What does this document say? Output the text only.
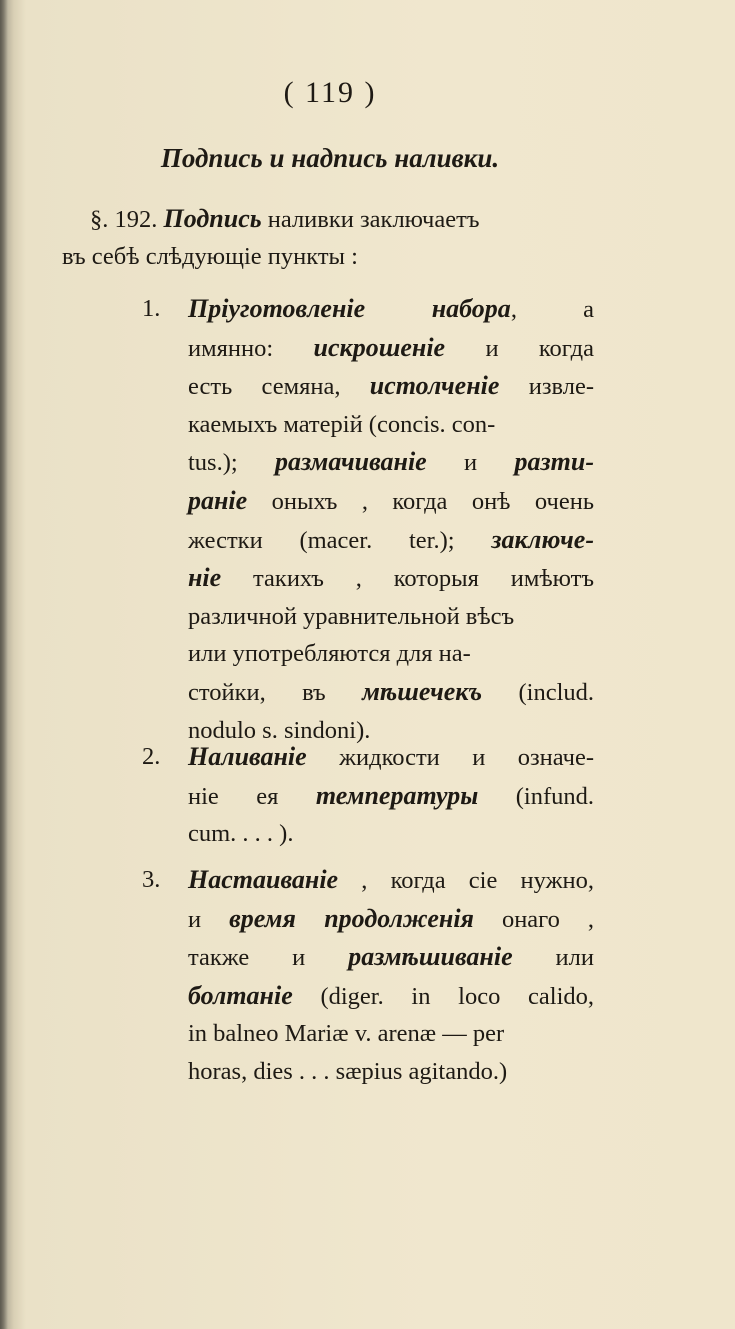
( 119 )
Подпись и надпись наливки.
§. 192. Подпись наливки заключаетъ
въ себѣ слѣдующіе пункты :
1.	Пріуготовленіе набора, а
имянно: искрошеніе и когда
есть семяна, истолченіе извле-
каемыхъ матерій (concis. con-
tus.); размачиваніе и разти-
раніе оныхъ , когда онѣ очень
жестки (macer. ter.); заключе-
ніе такихъ , которыя имѣютъ
различной уравнительной вѣсъ
или употребляются для на-
стойки, въ мѣшечекъ (includ.
nodulo s. sindoni).
2.	Наливаніе жидкости и означе-
ніе ея температуры (infund.
cum. . . . ).
3.	Настаиваніе , когда сіе нужно,
и время продолженія онаго ,
также и размѣшиваніе или
болтаніе (diger. in loco calido,
in balneo Mariæ v. arenæ — per
horas, dies . . . sæpius agitando.)
